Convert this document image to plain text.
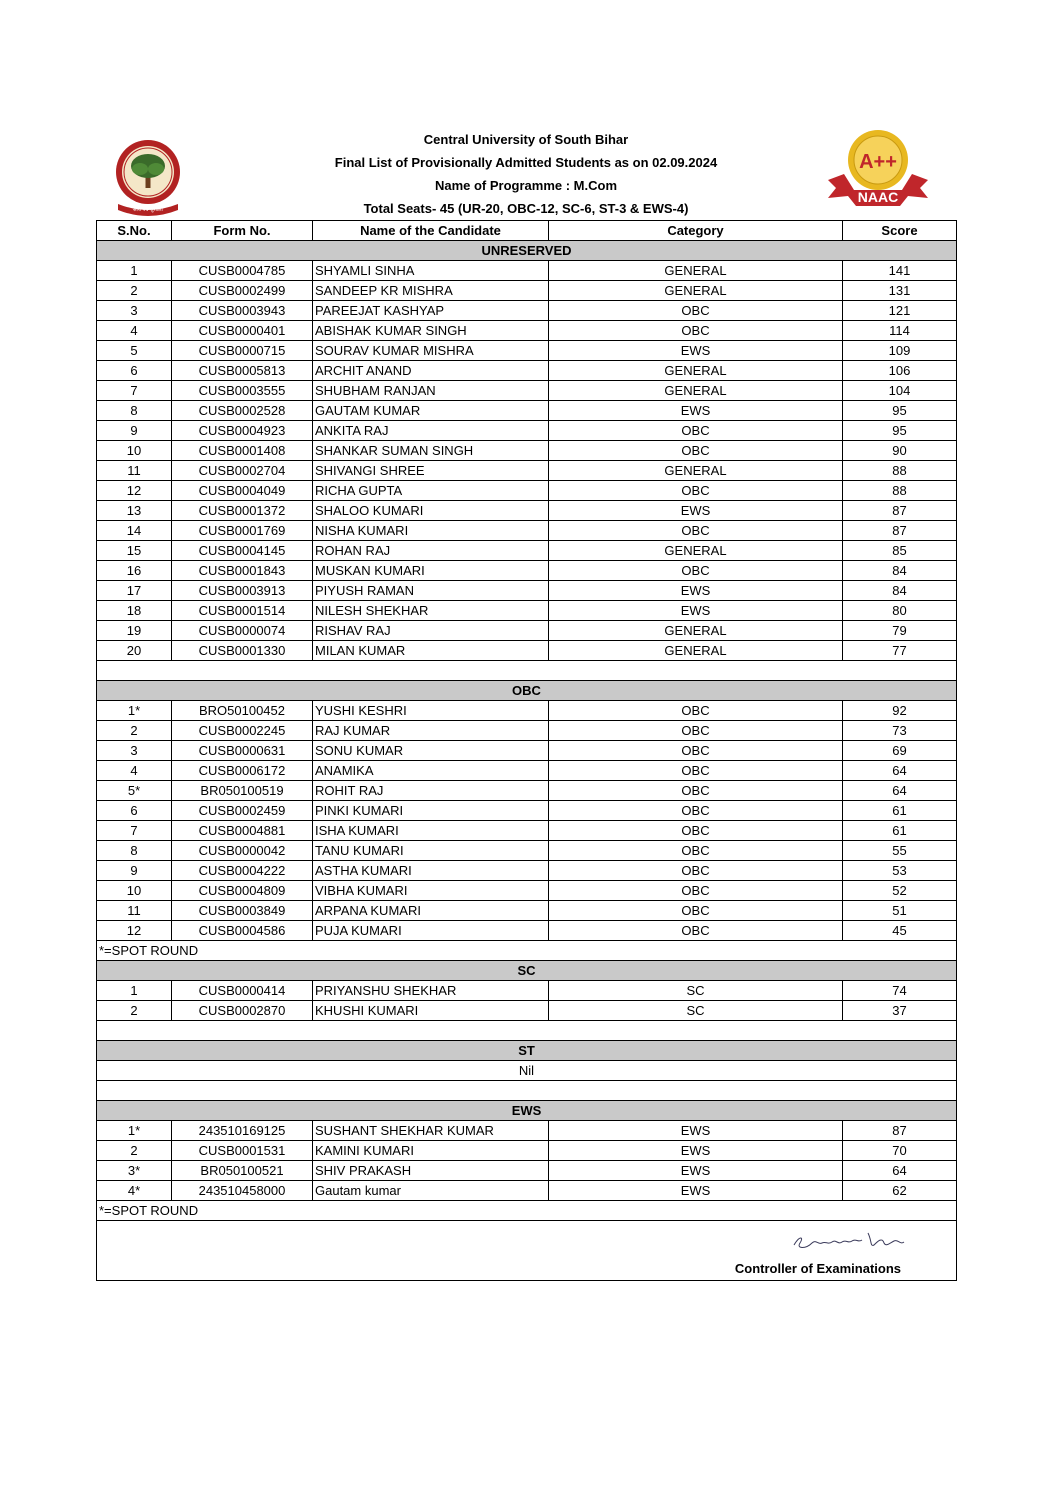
सत्य पथ सुशीला
Central University of South Bihar
Final List of Provisionally Admitted Students as on 02.09.2024
Name of Programme : M.Com
Total Seats- 45 (UR-20, OBC-12, SC-6, ST-3 & EWS-4)
A++
NAAC
S.No.	Form No.	Name of the Candidate	Category	Score
UNRESERVED				
1	CUSB0004785	SHYAMLI SINHA	GENERAL	141
2	CUSB0002499	SANDEEP KR MISHRA	GENERAL	131
3	CUSB0003943	PAREEJAT KASHYAP	OBC	121
4	CUSB0000401	ABISHAK KUMAR SINGH	OBC	114
5	CUSB0000715	SOURAV KUMAR MISHRA	EWS	109
6	CUSB0005813	ARCHIT ANAND	GENERAL	106
7	CUSB0003555	SHUBHAM RANJAN	GENERAL	104
8	CUSB0002528	GAUTAM KUMAR	EWS	95
9	CUSB0004923	ANKITA RAJ	OBC	95
10	CUSB0001408	SHANKAR SUMAN SINGH	OBC	90
11	CUSB0002704	SHIVANGI SHREE	GENERAL	88
12	CUSB0004049	RICHA GUPTA	OBC	88
13	CUSB0001372	SHALOO KUMARI	EWS	87
14	CUSB0001769	NISHA KUMARI	OBC	87
15	CUSB0004145	ROHAN RAJ	GENERAL	85
16	CUSB0001843	MUSKAN KUMARI	OBC	84
17	CUSB0003913	PIYUSH RAMAN	EWS	84
18	CUSB0001514	NILESH SHEKHAR	EWS	80
19	CUSB0000074	RISHAV RAJ	GENERAL	79
20	CUSB0001330	MILAN KUMAR	GENERAL	77

OBC				
1*	BRO50100452	YUSHI KESHRI	OBC	92
2	CUSB0002245	RAJ KUMAR	OBC	73
3	CUSB0000631	SONU KUMAR	OBC	69
4	CUSB0006172	ANAMIKA	OBC	64
5*	BR050100519	ROHIT RAJ	OBC	64
6	CUSB0002459	PINKI KUMARI	OBC	61
7	CUSB0004881	ISHA KUMARI	OBC	61
8	CUSB0000042	TANU KUMARI	OBC	55
9	CUSB0004222	ASTHA KUMARI	OBC	53
10	CUSB0004809	VIBHA KUMARI	OBC	52
11	CUSB0003849	ARPANA KUMARI	OBC	51
12	CUSB0004586	PUJA KUMARI	OBC	45
*=SPOT ROUND				
SC				
1	CUSB0000414	PRIYANSHU SHEKHAR	SC	74
2	CUSB0002870	KHUSHI KUMARI	SC	37

ST				
Nil				

EWS				
1*	243510169125	SUSHANT SHEKHAR KUMAR	EWS	87
2	CUSB0001531	KAMINI KUMARI	EWS	70
3*	BR050100521	SHIV PRAKASH	EWS	64
4*	243510458000	Gautam kumar	EWS	62
*=SPOT ROUND				

Controller of Examinations				
